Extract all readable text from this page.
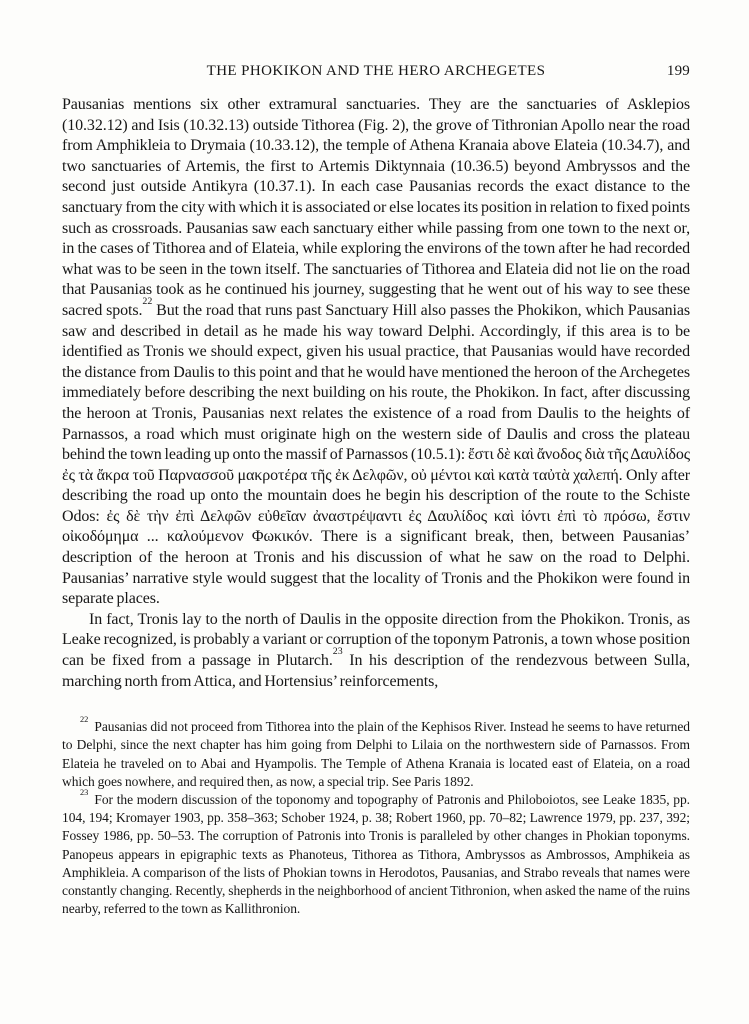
THE PHOKIKON AND THE HERO ARCHEGETES	199

Pausanias mentions six other extramural sanctuaries. They are the sanctuaries of Asklepios (10.32.12) and Isis (10.32.13) outside Tithorea (Fig. 2), the grove of Tithronian Apollo near the road from Amphikleia to Drymaia (10.33.12), the temple of Athena Kranaia above Elateia (10.34.7), and two sanctuaries of Artemis, the first to Artemis Diktynnaia (10.36.5) beyond Ambryssos and the second just outside Antikyra (10.37.1). In each case Pausanias records the exact distance to the sanctuary from the city with which it is associated or else locates its position in relation to fixed points such as crossroads. Pausanias saw each sanctuary either while passing from one town to the next or, in the cases of Tithorea and of Elateia, while exploring the environs of the town after he had recorded what was to be seen in the town itself. The sanctuaries of Tithorea and Elateia did not lie on the road that Pausanias took as he continued his journey, suggesting that he went out of his way to see these sacred spots.$^{22}$ But the road that runs past Sanctuary Hill also passes the Phokikon, which Pausanias saw and described in detail as he made his way toward Delphi. Accordingly, if this area is to be identified as Tronis we should expect, given his usual practice, that Pausanias would have recorded the distance from Daulis to this point and that he would have mentioned the heroon of the Archegetes immediately before describing the next building on his route, the Phokikon. In fact, after discussing the heroon at Tronis, Pausanias next relates the existence of a road from Daulis to the heights of Parnassos, a road which must originate high on the western side of Daulis and cross the plateau behind the town leading up onto the massif of Parnassos (10.5.1): ἔστι δὲ καὶ ἄνοδος διὰ τῆς Δαυλίδος ἐς τὰ ἄκρα τοῦ Παρνασσοῦ μακροτέρα τῆς ἐκ Δελφῶν, οὐ μέντοι καὶ κατὰ ταὐτὰ χαλεπή. Only after describing the road up onto the mountain does he begin his description of the route to the Schiste Odos: ἐς δὲ τὴν ἐπὶ Δελφῶν εὐθεῖαν ἀναστρέψαντι ἐς Δαυλίδος καὶ ἰόντι ἐπὶ τὸ πρόσω, ἔστιν οἰκοδόμημα ... καλούμενον Φωκικόν. There is a significant break, then, between Pausanias’ description of the heroon at Tronis and his discussion of what he saw on the road to Delphi. Pausanias’ narrative style would suggest that the locality of Tronis and the Phokikon were found in separate places.

In fact, Tronis lay to the north of Daulis in the opposite direction from the Phokikon. Tronis, as Leake recognized, is probably a variant or corruption of the toponym Patronis, a town whose position can be fixed from a passage in Plutarch.$^{23}$ In his description of the rendezvous between Sulla, marching north from Attica, and Hortensius’ reinforcements,

$^{22}$ Pausanias did not proceed from Tithorea into the plain of the Kephisos River. Instead he seems to have returned to Delphi, since the next chapter has him going from Delphi to Lilaia on the northwestern side of Parnassos. From Elateia he traveled on to Abai and Hyampolis. The Temple of Athena Kranaia is located east of Elateia, on a road which goes nowhere, and required then, as now, a special trip. See Paris 1892.

$^{23}$ For the modern discussion of the toponomy and topography of Patronis and Philoboiotos, see Leake 1835, pp. 104, 194; Kromayer 1903, pp. 358–363; Schober 1924, p. 38; Robert 1960, pp. 70–82; Lawrence 1979, pp. 237, 392; Fossey 1986, pp. 50–53. The corruption of Patronis into Tronis is paralleled by other changes in Phokian toponyms. Panopeus appears in epigraphic texts as Phanoteus, Tithorea as Tithora, Ambryssos as Ambrossos, Amphikeia as Amphikleia. A comparison of the lists of Phokian towns in Herodotos, Pausanias, and Strabo reveals that names were constantly changing. Recently, shepherds in the neighborhood of ancient Tithronion, when asked the name of the ruins nearby, referred to the town as Kallithronion.
